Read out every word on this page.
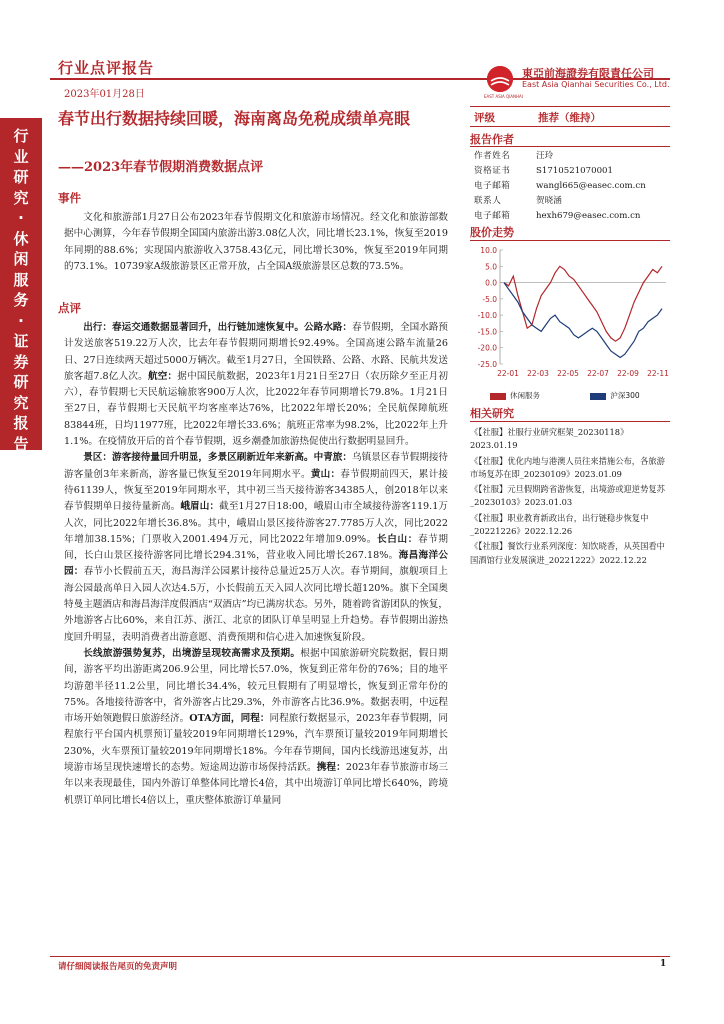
行业点评报告
2023年01月28日	EAST ASIA QIANHAI
東亞前海證券有限責任公司
East Asia Qianhai Securities Co., Ltd.
行
业
研
究
·
休
闲
服
务
·
证
券
研
究
报
告
春节出行数据持续回暖，海南离岛免税成绩单亮眼
——2023年春节假期消费数据点评
事件

文化和旅游部1月27日公布2023年春节假期文化和旅游市场情况。经文化和旅游部数据中心测算，今年春节假期全国国内旅游出游3.08亿人次，同比增长23.1%，恢复至2019年同期的88.6%；实现国内旅游收入3758.43亿元，同比增长30%，恢复至2019年同期的73.1%。10739家A级旅游景区正常开放，占全国A级旅游景区总数的73.5%。

点评

出行：春运交通数据显著回升，出行链加速恢复中。公路水路：春节假期，全国水路预计发送旅客519.22万人次，比去年春节假期同期增长92.49%。全国高速公路车流量26日、27日连续两天超过5000万辆次。截至1月27日，全国铁路、公路、水路、民航共发送旅客超7.8亿人次。航空：据中国民航数据，2023年1月21日至27日（农历除夕至正月初六），春节假期七天民航运输旅客900万人次，比2022年春节同期增长79.8%。1月21日至27日，春节假期七天民航平均客座率达76%，比2022年增长20%；全民航保障航班83844班，日均11977班，比2022年增长33.6%；航班正常率为98.2%，比2022年上升1.1%。在疫情放开后的首个春节假期，返乡潮叠加旅游热促使出行数据明显回升。

景区：游客接待量回升明显，多景区刷新近年来新高。中青旅：乌镇景区春节假期接待游客量创3年来新高，游客量已恢复至2019年同期水平。黄山：春节假期前四天，累计接待61139人，恢复至2019年同期水平，其中初三当天接待游客34385人，创2018年以来春节假期单日接待量新高。峨眉山：截至1月27日18:00，峨眉山市全域接待游客119.1万人次，同比2022年增长36.8%。其中，峨眉山景区接待游客27.7785万人次，同比2022年增加38.15%；门票收入2001.494万元，同比2022年增加9.09%。长白山：春节期间，长白山景区接待游客同比增长294.31%，营业收入同比增长267.18%。海昌海洋公园：春节小长假前五天，海昌海洋公园累计接待总量近25万人次。春节期间，旗舰项目上海公园最高单日入园人次达4.5万，小长假前五天入园人次同比增长超120%。旗下全国奥特曼主题酒店和海昌海洋度假酒店“双酒店”均已满房状态。另外，随着跨省游团队的恢复，外地游客占比60%，来自江苏、浙江、北京的团队订单呈明显上升趋势。春节假期出游热度回升明显，表明消费者出游意愿、消费预期和信心进入加速恢复阶段。

长线旅游强势复苏，出境游呈现较高需求及预期。根据中国旅游研究院数据，假日期间，游客平均出游距离206.9公里，同比增长57.0%，恢复到正常年份的76%；目的地平均游憩半径11.2公里，同比增长34.4%，较元旦假期有了明显增长，恢复到正常年份的75%。各地接待游客中，省外游客占比29.3%，外市游客占比36.9%。数据表明，中远程市场开始领跑假日旅游经济。OTA方面，同程：同程旅行数据显示，2023年春节假期，同程旅行平台国内机票预订量较2019年同期增长129%，汽车票预订量较2019年同期增长230%，火车票预订量较2019年同期增长18%。今年春节期间，国内长线游迅速复苏，出境游市场呈现快速增长的态势。短途周边游市场保持活跃。携程：2023年春节旅游市场三年以来表现最佳，国内外游订单整体同比增长4倍，其中出境游订单同比增长640%，跨境机票订单同比增长4倍以上，重庆整体旅游订单量同

评级	推荐（维持）
报告作者
作者姓名	汪玲
资格证书	S1710521070001
电子邮箱	wangl665@easec.com.cn
联系人	贺晓涵
电子邮箱	hexh679@easec.com.cn
股价走势
10.0
5.0
0.0
-5.0
-10.0
-15.0
-20.0
-25.0
22-01 22-03 22-05 22-07 22-09 22-11
休闲服务	沪深300
相关研究
《【社服】社服行业研究框架_20230118》2023.01.19
《【社服】优化内地与港澳人员往来措施公布，各旅游市场复苏在即_20230109》2023.01.09
《【社服】元旦假期跨省游恢复，出境游或迎逆势复苏_20230103》2023.01.03
《【社服】职业教育新政出台，出行链稳步恢复中_20221226》2022.12.26
《【社服】餐饮行业系列深度：知饮晓香，从英国看中国酒馆行业发展演进_20221222》2022.12.22
请仔细阅读报告尾页的免责声明	1
